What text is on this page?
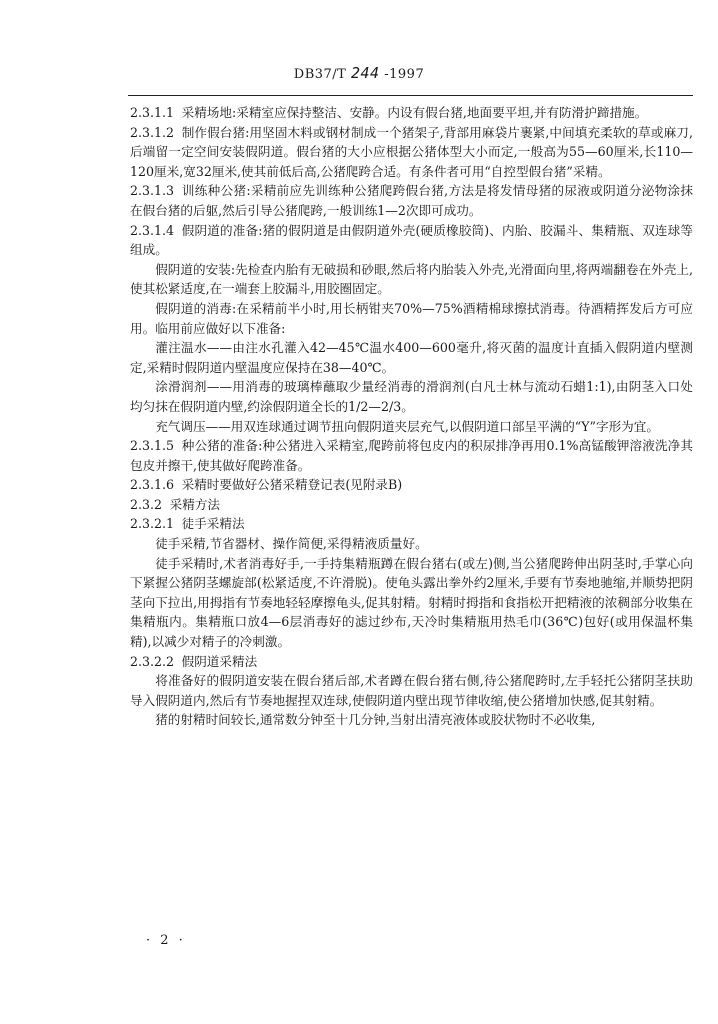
DB37/T 244 -1997

2.3.1.1 采精场地:采精室应保持整洁、安静。内设有假台猪,地面要平坦,并有防滑护蹄措施。

2.3.1.2 制作假台猪:用坚固木料或钢材制成一个猪架子,背部用麻袋片裹紧,中间填充柔软的草或麻刀,后端留一定空间安装假阴道。假台猪的大小应根据公猪体型大小而定,一般高为55—60厘米,长110—120厘米,宽32厘米,使其前低后高,公猪爬跨合适。有条件者可用“自控型假台猪”采精。

2.3.1.3 训练种公猪:采精前应先训练种公猪爬跨假台猪,方法是将发情母猪的尿液或阴道分泌物涂抹在假台猪的后躯,然后引导公猪爬跨,一般训练1—2次即可成功。

2.3.1.4 假阴道的准备:猪的假阴道是由假阴道外壳(硬质橡胶筒)、内胎、胶漏斗、集精瓶、双连球等组成。

假阴道的安装:先检查内胎有无破损和砂眼,然后将内胎装入外壳,光滑面向里,将两端翻卷在外壳上,使其松紧适度,在一端套上胶漏斗,用胶圈固定。

假阴道的消毒:在采精前半小时,用长柄钳夹70%—75%酒精棉球擦拭消毒。待酒精挥发后方可应用。临用前应做好以下准备:

灌注温水——由注水孔灌入42—45℃温水400—600毫升,将灭菌的温度计直插入假阴道内壁测定,采精时假阴道内壁温度应保持在38—40℃。

涂滑润剂——用消毒的玻璃棒蘸取少量经消毒的滑润剂(白凡士林与流动石蜡1:1),由阴茎入口处均匀抹在假阴道内壁,约涂假阴道全长的1/2—2/3。

充气调压——用双连球通过调节扭向假阴道夹层充气,以假阴道口部呈平满的“Y”字形为宜。

2.3.1.5 种公猪的准备:种公猪进入采精室,爬跨前将包皮内的积尿排净再用0.1%高锰酸钾溶液洗净其包皮并擦干,使其做好爬跨准备。

2.3.1.6 采精时要做好公猪采精登记表(见附录B)

2.3.2 采精方法

2.3.2.1 徒手采精法

徒手采精,节省器材、操作简便,采得精液质量好。

徒手采精时,术者消毒好手,一手持集精瓶蹲在假台猪右(或左)侧,当公猪爬跨伸出阴茎时,手掌心向下紧握公猪阴茎螺旋部(松紧适度,不许滑脱)。使龟头露出拳外约2厘米,手要有节奏地驰缩,并顺势把阴茎向下拉出,用拇指有节奏地轻轻摩擦龟头,促其射精。射精时拇指和食指松开把精液的浓稠部分收集在集精瓶内。集精瓶口放4—6层消毒好的滤过纱布,天冷时集精瓶用热毛巾(36℃)包好(或用保温杯集精),以减少对精子的冷刺激。

2.3.2.2 假阴道采精法

将准备好的假阴道安装在假台猪后部,术者蹲在假台猪右侧,待公猪爬跨时,左手轻托公猪阴茎扶助导入假阴道内,然后有节奏地握捏双连球,使假阴道内壁出现节律收缩,使公猪增加快感,促其射精。

猪的射精时间较长,通常数分钟至十几分钟,当射出清亮液体或胶状物时不必收集,

· 2 ·
